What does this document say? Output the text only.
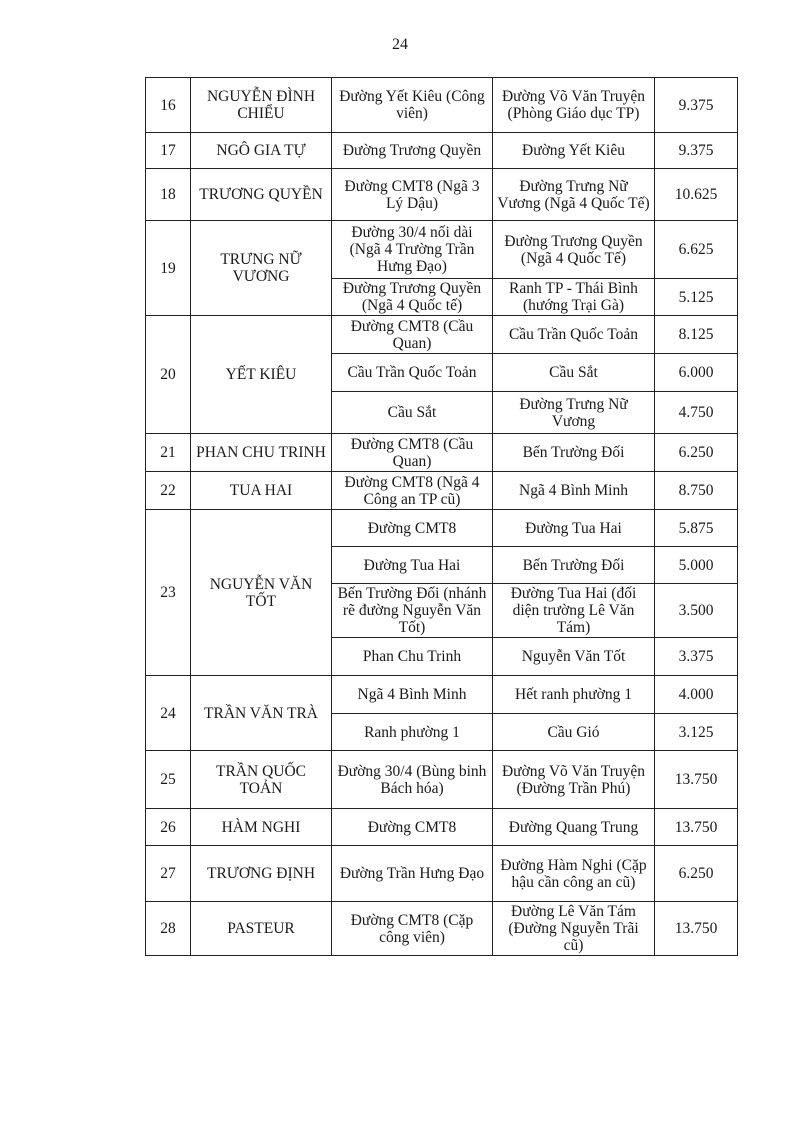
24
16	NGUYỄN ĐÌNH CHIỂU	Đường Yết Kiêu (Công viên)	Đường Võ Văn Truyện (Phòng Giáo dục TP)	9.375
17	NGÔ GIA TỰ	Đường Trương Quyền	Đường Yết Kiêu	9.375
18	TRƯƠNG QUYỀN	Đường CMT8 (Ngã 3 Lý Dậu)	Đường Trưng Nữ Vương (Ngã 4 Quốc Tế)	10.625
19	TRƯNG NỮ VƯƠNG	Đường 30/4 nối dài (Ngã 4 Trường Trần Hưng Đạo)	Đường Trương Quyền (Ngã 4 Quốc Tế)	6.625
		Đường Trương Quyền (Ngã 4 Quốc tế)	Ranh TP - Thái Bình (hướng Trại Gà)	5.125
20	YẾT KIÊU	Đường CMT8 (Cầu Quan)	Cầu Trần Quốc Toản	8.125
		Cầu Trần Quốc Toản	Cầu Sắt	6.000
		Cầu Sắt	Đường Trưng Nữ Vương	4.750
21	PHAN CHU TRINH	Đường CMT8 (Cầu Quan)	Bến Trường Đối	6.250
22	TUA HAI	Đường CMT8 (Ngã 4 Công an TP cũ)	Ngã 4 Bình Minh	8.750
23	NGUYỄN VĂN TỐT	Đường CMT8	Đường Tua Hai	5.875
		Đường Tua Hai	Bến Trường Đối	5.000
		Bến Trường Đối (nhánh rẽ đường Nguyễn Văn Tốt)	Đường Tua Hai (đối diện trường Lê Văn Tám)	3.500
		Phan Chu Trinh	Nguyễn Văn Tốt	3.375
24	TRẦN VĂN TRÀ	Ngã 4 Bình Minh	Hết ranh phường 1	4.000
		Ranh phường 1	Cầu Gió	3.125
25	TRẦN QUỐC TOẢN	Đường 30/4 (Bùng binh Bách hóa)	Đường Võ Văn Truyện (Đường Trần Phú)	13.750
26	HÀM NGHI	Đường CMT8	Đường Quang Trung	13.750
27	TRƯƠNG ĐỊNH	Đường Trần Hưng Đạo	Đường Hàm Nghi (Cặp hậu cần công an cũ)	6.250
28	PASTEUR	Đường CMT8 (Cặp công viên)	Đường Lê Văn Tám (Đường Nguyễn Trãi cũ)	13.750
